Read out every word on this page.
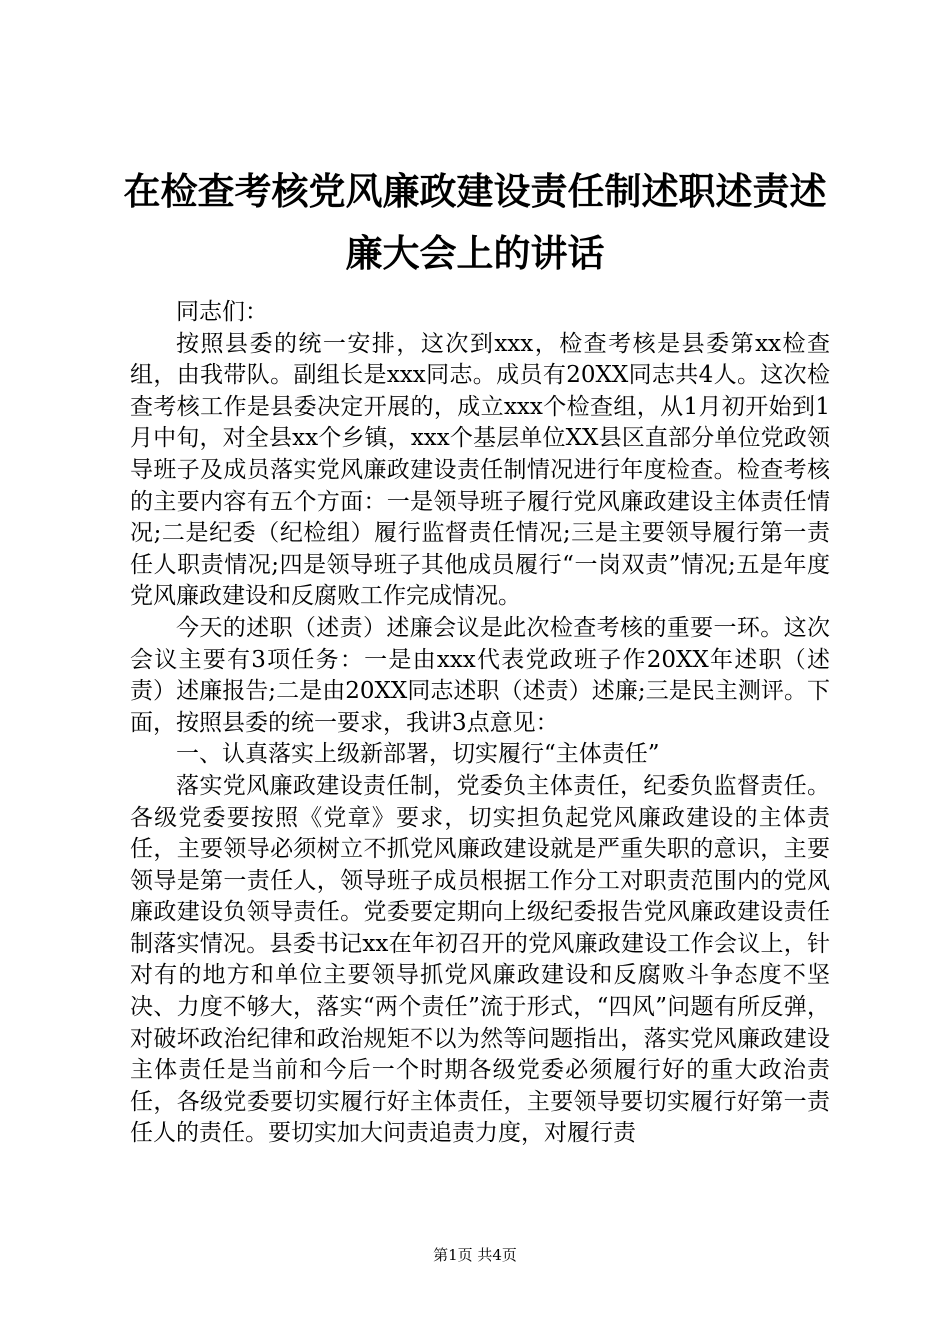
在检查考核党风廉政建设责任制述职述责述廉大会上的讲话

同志们：

按照县委的统一安排，这次到xxx，检查考核是县委第xx检查组，由我带队。副组长是xxx同志。成员有20XX同志共4人。这次检查考核工作是县委决定开展的，成立xxx个检查组，从1月初开始到1月中旬，对全县xx个乡镇，xxx个基层单位XX县区直部分单位党政领导班子及成员落实党风廉政建设责任制情况进行年度检查。检查考核的主要内容有五个方面：一是领导班子履行党风廉政建设主体责任情况;二是纪委（纪检组）履行监督责任情况;三是主要领导履行第一责任人职责情况;四是领导班子其他成员履行“一岗双责”情况;五是年度党风廉政建设和反腐败工作完成情况。

今天的述职（述责）述廉会议是此次检查考核的重要一环。这次会议主要有3项任务：一是由xxx代表党政班子作20XX年述职（述责）述廉报告;二是由20XX同志述职（述责）述廉;三是民主测评。下面，按照县委的统一要求，我讲3点意见：

一、认真落实上级新部署，切实履行“主体责任”

落实党风廉政建设责任制，党委负主体责任，纪委负监督责任。各级党委要按照《党章》要求，切实担负起党风廉政建设的主体责任，主要领导必须树立不抓党风廉政建设就是严重失职的意识，主要领导是第一责任人，领导班子成员根据工作分工对职责范围内的党风廉政建设负领导责任。党委要定期向上级纪委报告党风廉政建设责任制落实情况。县委书记xx在年初召开的党风廉政建设工作会议上，针对有的地方和单位主要领导抓党风廉政建设和反腐败斗争态度不坚决、力度不够大，落实“两个责任”流于形式，“四风”问题有所反弹，对破坏政治纪律和政治规矩不以为然等问题指出，落实党风廉政建设主体责任是当前和今后一个时期各级党委必须履行好的重大政治责任，各级党委要切实履行好主体责任，主要领导要切实履行好第一责任人的责任。要切实加大问责追责力度，对履行责

第1页 共4页
